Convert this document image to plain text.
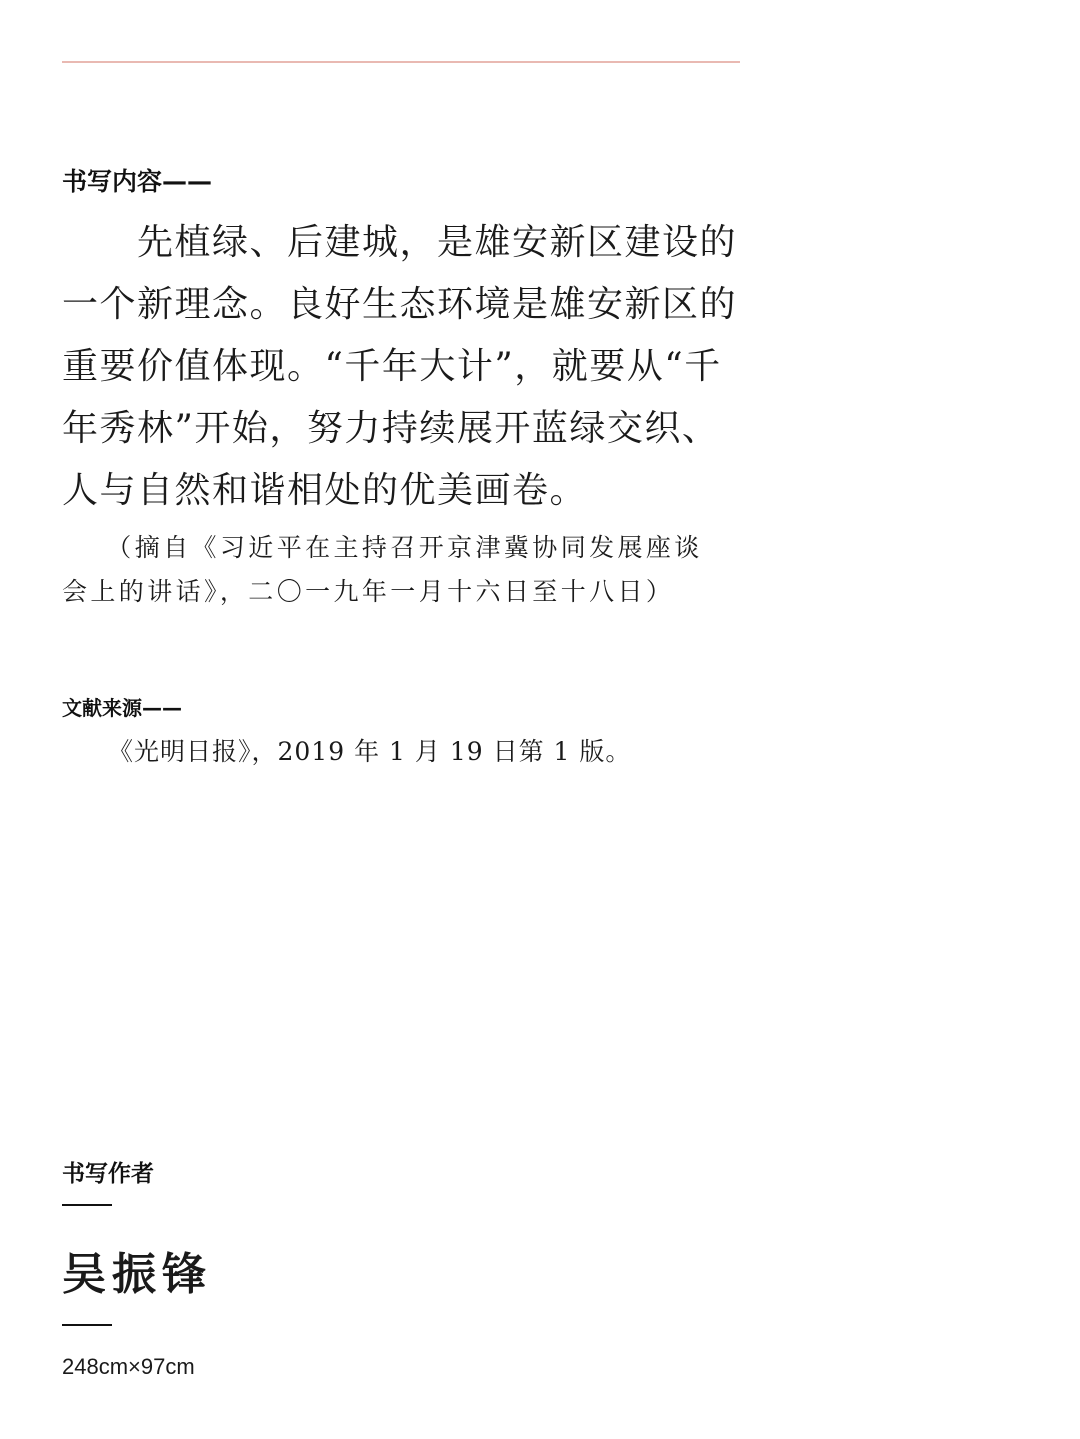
书写内容——
　　先植绿、后建城，是雄安新区建设的
一个新理念。良好生态环境是雄安新区的
重要价值体现。“千年大计”，就要从“千
年秀林”开始，努力持续展开蓝绿交织、
人与自然和谐相处的优美画卷。
　　（摘自《习近平在主持召开京津冀协同发展座谈
会上的讲话》，二〇一九年一月十六日至十八日）
文献来源——
《光明日报》，2019 年 1 月 19 日第 1 版。
书写作者
吴振锋
248cm×97cm
